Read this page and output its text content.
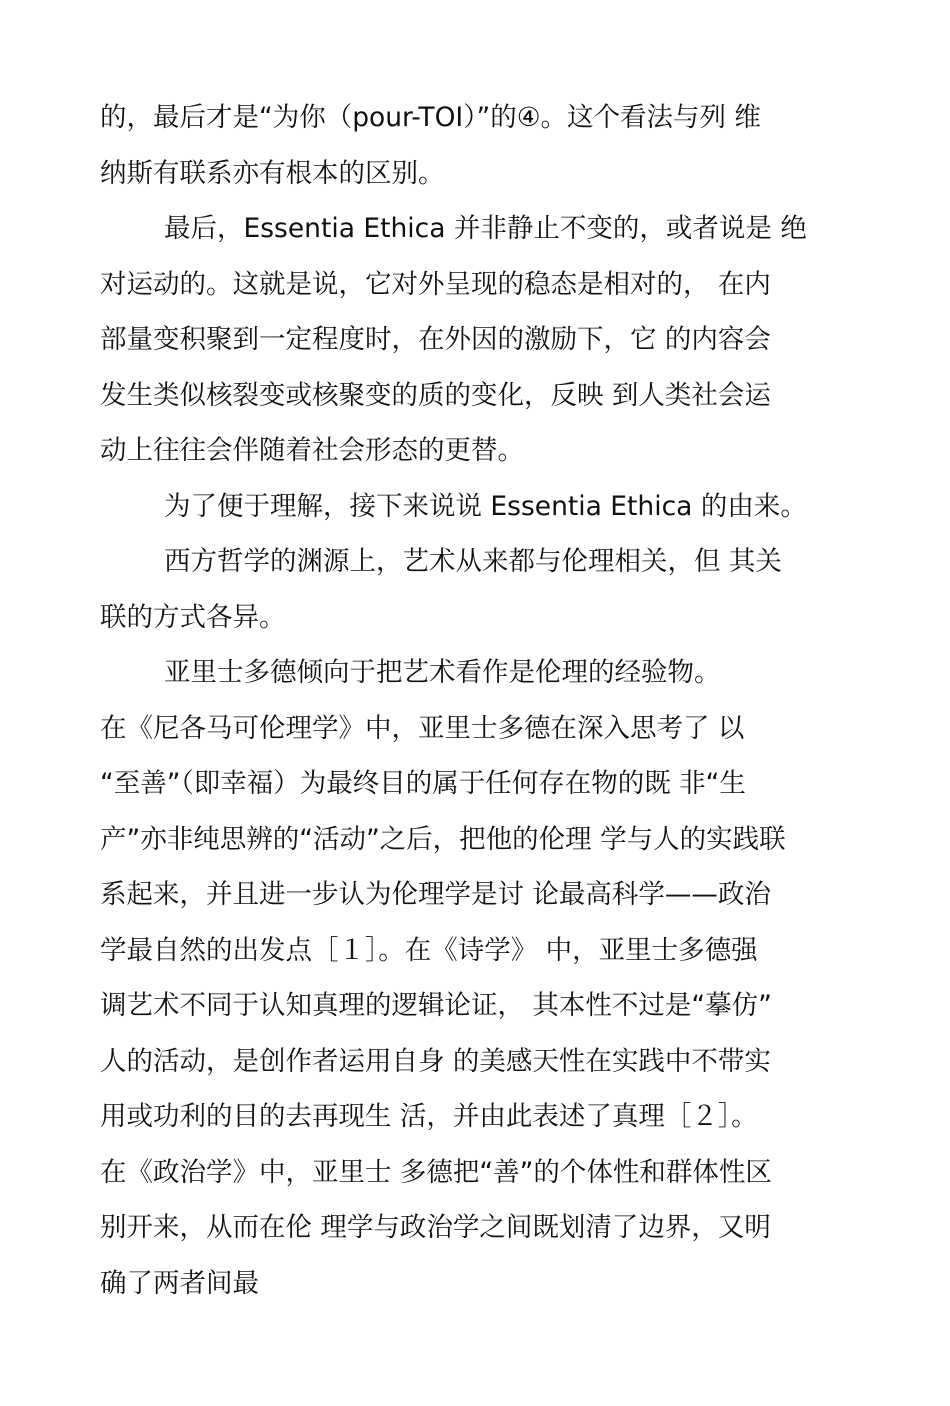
的，最后才是“为你（pour-TOI）”的④。这个看法与列 维
纳斯有联系亦有根本的区别。
最后，Essentia Ethica 并非静止不变的，或者说是 绝
对运动的。这就是说，它对外呈现的稳态是相对的， 在内
部量变积聚到一定程度时，在外因的激励下，它 的内容会
发生类似核裂变或核聚变的质的变化，反映 到人类社会运
动上往往会伴随着社会形态的更替。
为了便于理解，接下来说说 Essentia Ethica 的由来。
西方哲学的渊源上，艺术从来都与伦理相关，但 其关
联的方式各异。
亚里士多德倾向于把艺术看作是伦理的经验物。
在《尼各马可伦理学》中，亚里士多德在深入思考了 以
“至善”（即幸福）为最终目的属于任何存在物的既 非“生
产”亦非纯思辨的“活动”之后，把他的伦理 学与人的实践联
系起来，并且进一步认为伦理学是讨 论最高科学——政治
学最自然的出发点［１］。在《诗学》 中，亚里士多德强
调艺术不同于认知真理的逻辑论证， 其本性不过是“摹仿”
人的活动，是创作者运用自身 的美感天性在实践中不带实
用或功利的目的去再现生 活，并由此表述了真理［２］。
在《政治学》中，亚里士 多德把“善”的个体性和群体性区
别开来，从而在伦 理学与政治学之间既划清了边界，又明
确了两者间最
